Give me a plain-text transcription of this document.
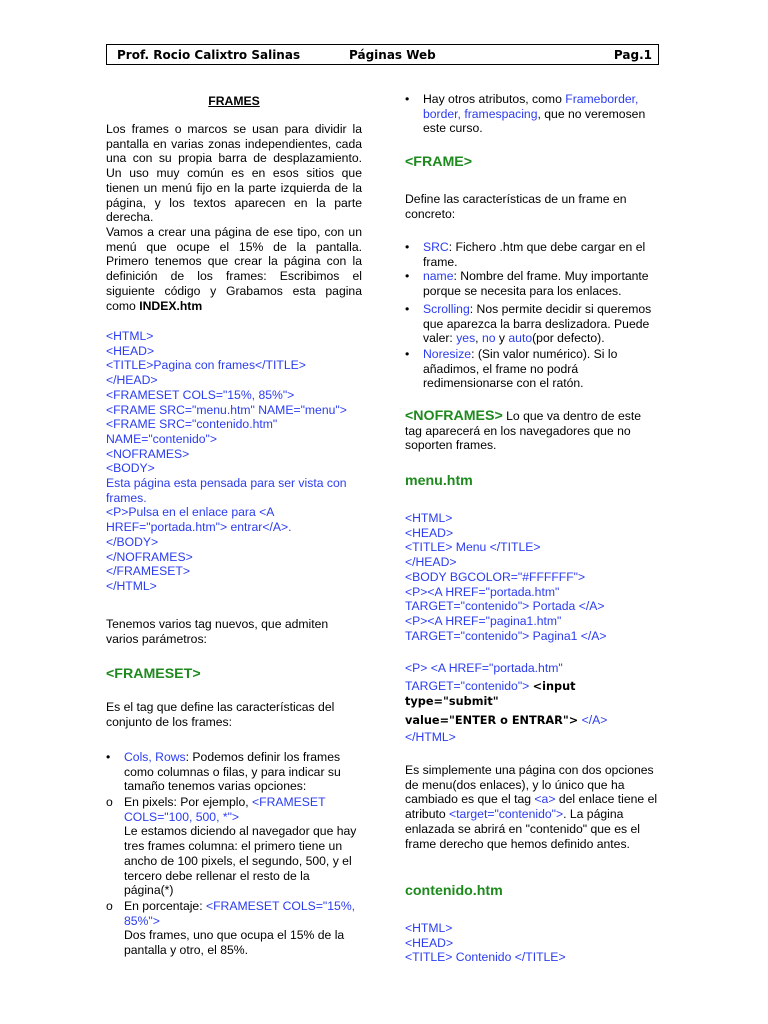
Prof. Rocio Calixtro Salinas	Páginas Web	Pag.1
FRAMES
Los frames o marcos se usan para dividir la pantalla en varias zonas independientes, cada una con su propia barra de desplazamiento. Un uso muy común es en esos sitios que tienen un menú fijo en la parte izquierda de la página, y los textos aparecen en la parte derecha.
Vamos a crear una página de ese tipo, con un menú que ocupe el 15% de la pantalla. Primero tenemos que crear la página con la definición de los frames: Escribimos el siguiente código y Grabamos esta pagina como INDEX.htm
<HTML>
<HEAD>
<TITLE>Pagina con frames</TITLE>
</HEAD>
<FRAMESET COLS="15%, 85%">
<FRAME SRC="menu.htm" NAME="menu">
<FRAME SRC="contenido.htm"
NAME="contenido">
<NOFRAMES>
<BODY>
Esta página esta pensada para ser vista con
frames.
<P>Pulsa en el enlace para <A
HREF="portada.htm"> entrar</A>.
</BODY>
</NOFRAMES>
</FRAMESET>
</HTML>
Tenemos varios tag nuevos, que admiten varios parámetros:
<FRAMESET>
Es el tag que define las características del conjunto de los frames:
• Cols, Rows: Podemos definir los frames como columnas o filas, y para indicar su tamaño tenemos varias opciones:
o En pixels: Por ejemplo, <FRAMESET COLS="100, 500, *">
Le estamos diciendo al navegador que hay tres frames columna: el primero tiene un ancho de 100 pixels, el segundo, 500, y el tercero debe rellenar el resto de la página(*)
o En porcentaje: <FRAMESET COLS="15%, 85%">
Dos frames, uno que ocupa el 15% de la pantalla y otro, el 85%.
• Hay otros atributos, como Frameborder, border, framespacing, que no veremosen este curso.
<FRAME>
Define las características de un frame en concreto:
• SRC: Fichero .htm que debe cargar en el frame.
• name: Nombre del frame. Muy importante porque se necesita para los enlaces.
• Scrolling: Nos permite decidir si queremos que aparezca la barra deslizadora. Puede valer: yes, no y auto(por defecto).
• Noresize: (Sin valor numérico). Si lo añadimos, el frame no podrá redimensionarse con el ratón.
<NOFRAMES> Lo que va dentro de este tag aparecerá en los navegadores que no soporten frames.
menu.htm
<HTML>
<HEAD>
<TITLE> Menu </TITLE>
</HEAD>
<BODY BGCOLOR="#FFFFFF">
<P><A HREF="portada.htm"
TARGET="contenido"> Portada </A>
<P><A HREF="pagina1.htm"
TARGET="contenido"> Pagina1 </A>
<P> <A HREF="portada.htm"
TARGET="contenido"> <input type="submit"
value="ENTER o ENTRAR"> </A>
</HTML>
Es simplemente una página con dos opciones de menu(dos enlaces), y lo único que ha cambiado es que el tag <a> del enlace tiene el atributo <target="contenido">. La página enlazada se abrirá en "contenido" que es el frame derecho que hemos definido antes.
contenido.htm
<HTML>
<HEAD>
<TITLE> Contenido </TITLE>
